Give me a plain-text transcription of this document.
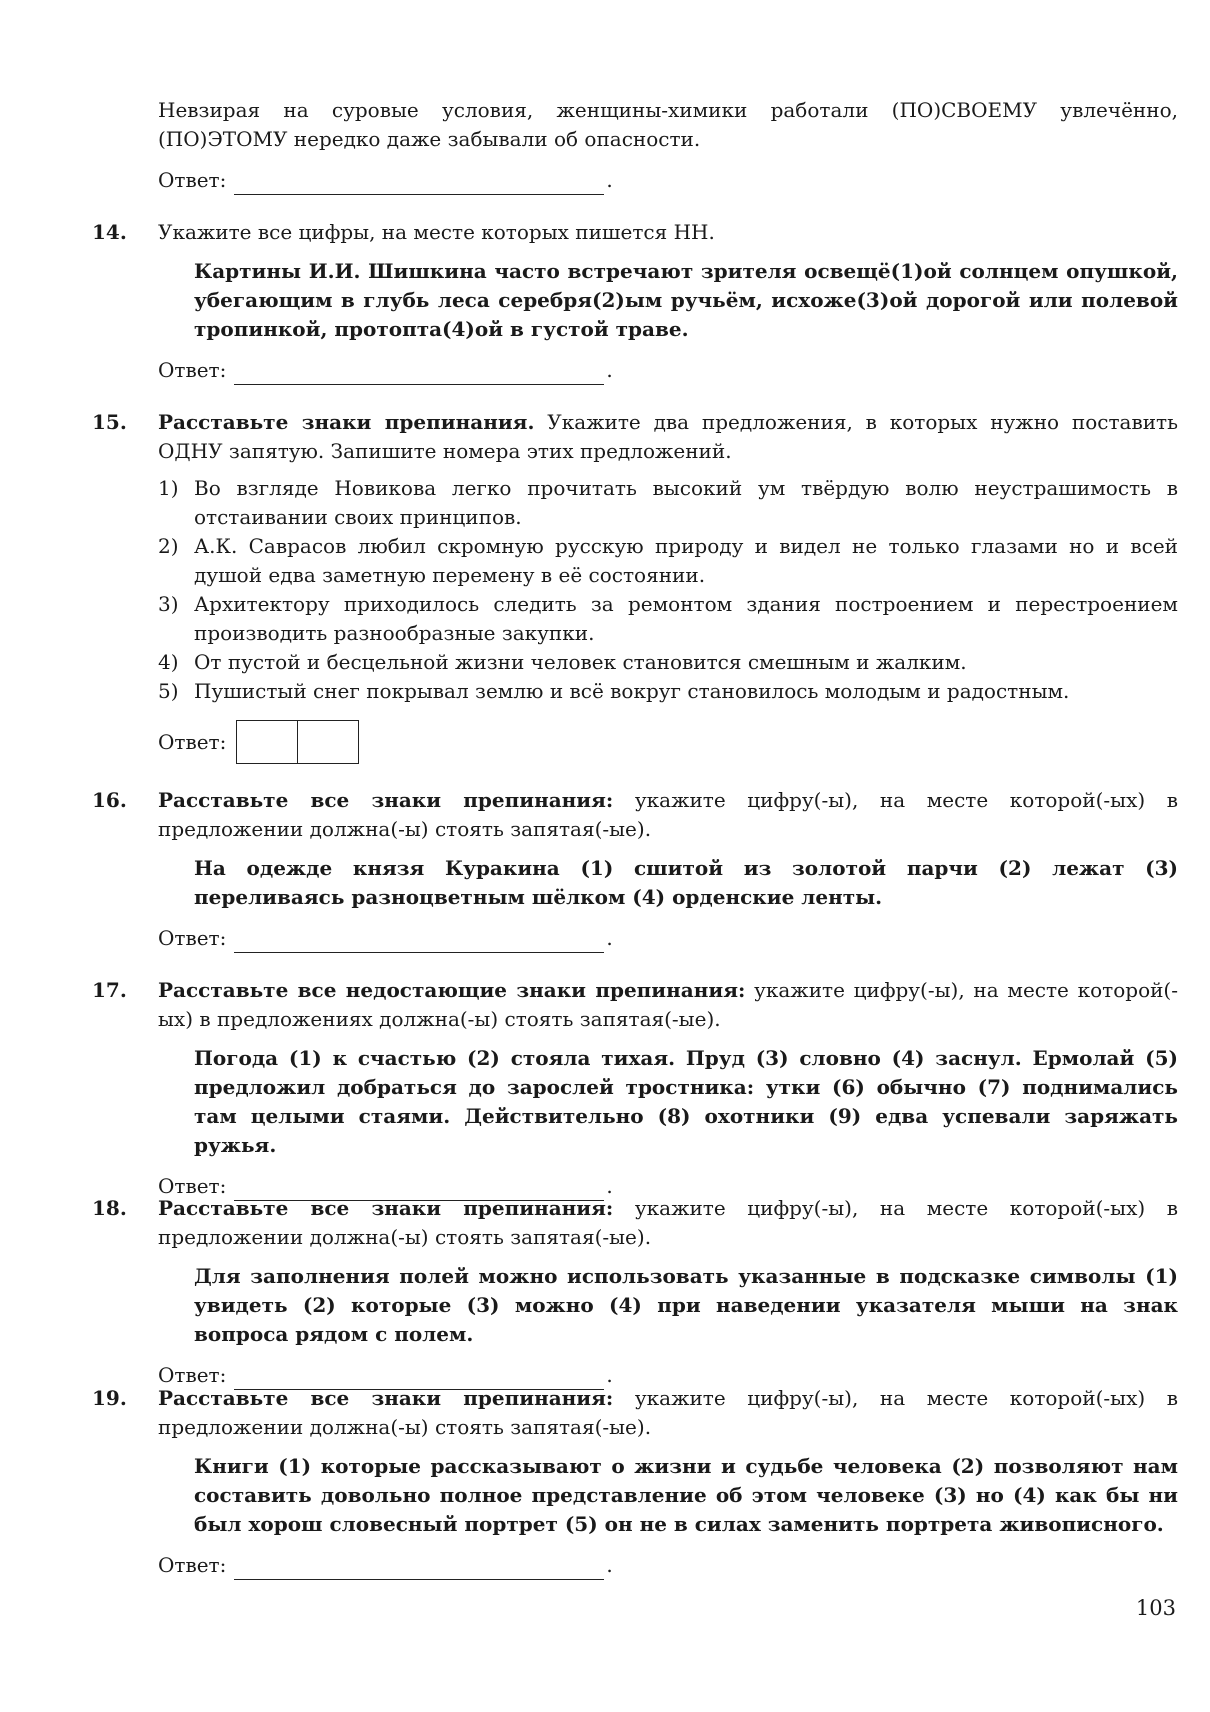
Невзирая на суровые условия, женщины-химики работали (ПО)СВОЕМУ увлечённо, (ПО)ЭТОМУ нередко даже забывали об опасности.

Ответ:	.
14. Укажите все цифры, на месте которых пишется НН.

Картины И.И. Шишкина часто встречают зрителя освещё(1)ой солнцем опушкой, убегающим в глубь леса серебря(2)ым ручьём, исхоже(3)ой дорогой или полевой тропинкой, протопта(4)ой в густой траве.

Ответ:	.
15. Расставьте знаки препинания. Укажите два предложения, в которых нужно поставить ОДНУ запятую. Запишите номера этих предложений.

1) Во взгляде Новикова легко прочитать высокий ум твёрдую волю неустрашимость в отстаивании своих принципов.
2) А.К. Саврасов любил скромную русскую природу и видел не только глазами но и всей душой едва заметную перемену в её состоянии.
3) Архитектору приходилось следить за ремонтом здания построением и перестроением производить разнообразные закупки.
4) От пустой и бесцельной жизни человек становится смешным и жалким.
5) Пушистый снег покрывал землю и всё вокруг становилось молодым и радостным.
Ответ:
16. Расставьте все знаки препинания: укажите цифру(-ы), на месте которой(-ых) в предложении должна(-ы) стоять запятая(-ые).

На одежде князя Куракина (1) сшитой из золотой парчи (2) лежат (3) переливаясь разноцветным шёлком (4) орденские ленты.

Ответ:	.
17. Расставьте все недостающие знаки препинания: укажите цифру(-ы), на месте которой(-ых) в предложениях должна(-ы) стоять запятая(-ые).

Погода (1) к счастью (2) стояла тихая. Пруд (3) словно (4) заснул. Ермолай (5) предложил добраться до зарослей тростника: утки (6) обычно (7) поднимались там целыми стаями. Действительно (8) охотники (9) едва успевали заряжать ружья.

Ответ:	.
18. Расставьте все знаки препинания: укажите цифру(-ы), на месте которой(-ых) в предложении должна(-ы) стоять запятая(-ые).

Для заполнения полей можно использовать указанные в подсказке символы (1) увидеть (2) которые (3) можно (4) при наведении указателя мыши на знак вопроса рядом с полем.

Ответ:	.
19. Расставьте все знаки препинания: укажите цифру(-ы), на месте которой(-ых) в предложении должна(-ы) стоять запятая(-ые).

Книги (1) которые рассказывают о жизни и судьбе человека (2) позволяют нам составить довольно полное представление об этом человеке (3) но (4) как бы ни был хорош словесный портрет (5) он не в силах заменить портрета живописного.

Ответ:	.
103
